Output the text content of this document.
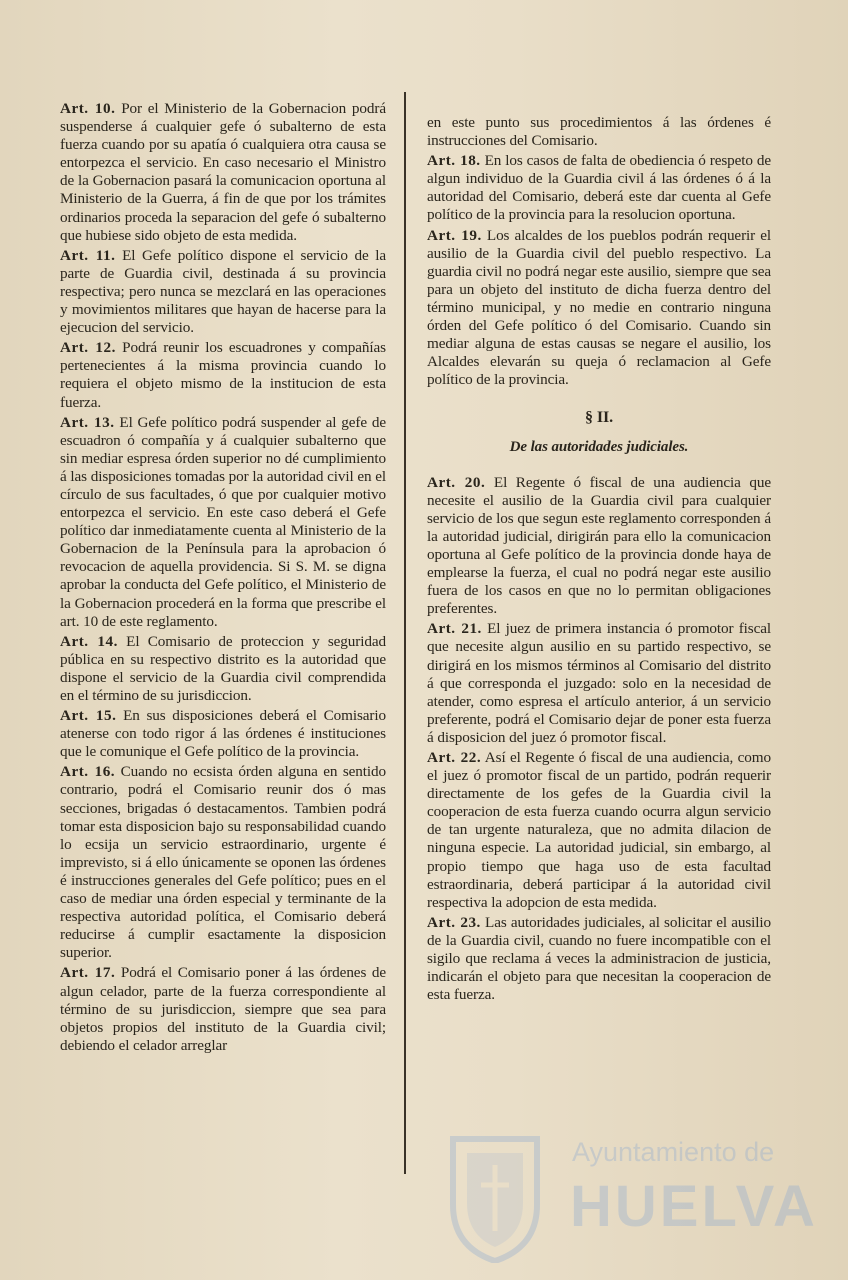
Art. 10. Por el Ministerio de la Gobernacion podrá suspenderse á cualquier gefe ó subalterno de esta fuerza cuando por su apatía ó cualquiera otra causa se entorpezca el servicio. En caso necesario el Ministro de la Gobernacion pasará la comunicacion oportuna al Ministerio de la Guerra, á fin de que por los trámites ordinarios proceda la separacion del gefe ó subalterno que hubiese sido objeto de esta medida.

Art. 11. El Gefe político dispone el servicio de la parte de Guardia civil, destinada á su provincia respectiva; pero nunca se mezclará en las operaciones y movimientos militares que hayan de hacerse para la ejecucion del servicio.

Art. 12. Podrá reunir los escuadrones y compañías pertenecientes á la misma provincia cuando lo requiera el objeto mismo de la institucion de esta fuerza.

Art. 13. El Gefe político podrá suspender al gefe de escuadron ó compañía y á cualquier subalterno que sin mediar espresa órden superior no dé cumplimiento á las disposiciones tomadas por la autoridad civil en el círculo de sus facultades, ó que por cualquier motivo entorpezca el servicio. En este caso deberá el Gefe político dar inmediatamente cuenta al Ministerio de la Gobernacion de la Península para la aprobacion ó revocacion de aquella providencia. Si S. M. se digna aprobar la conducta del Gefe político, el Ministerio de la Gobernacion procederá en la forma que prescribe el art. 10 de este reglamento.

Art. 14. El Comisario de proteccion y seguridad pública en su respectivo distrito es la autoridad que dispone el servicio de la Guardia civil comprendida en el término de su jurisdiccion.

Art. 15. En sus disposiciones deberá el Comisario atenerse con todo rigor á las órdenes é instituciones que le comunique el Gefe político de la provincia.

Art. 16. Cuando no ecsista órden alguna en sentido contrario, podrá el Comisario reunir dos ó mas secciones, brigadas ó destacamentos. Tambien podrá tomar esta disposicion bajo su responsabilidad cuando lo ecsija un servicio estraordinario, urgente é imprevisto, si á ello únicamente se oponen las órdenes é instrucciones generales del Gefe político; pues en el caso de mediar una órden especial y terminante de la respectiva autoridad política, el Comisario deberá reducirse á cumplir esactamente la disposicion superior.

Art. 17. Podrá el Comisario poner á las órdenes de algun celador, parte de la fuerza correspondiente al término de su jurisdiccion, siempre que sea para objetos propios del instituto de la Guardia civil; debiendo el celador arreglar

en este punto sus procedimientos á las órdenes é instrucciones del Comisario.

Art. 18. En los casos de falta de obediencia ó respeto de algun individuo de la Guardia civil á las órdenes ó á la autoridad del Comisario, deberá este dar cuenta al Gefe político de la provincia para la resolucion oportuna.

Art. 19. Los alcaldes de los pueblos podrán requerir el ausilio de la Guardia civil del pueblo respectivo. La guardia civil no podrá negar este ausilio, siempre que sea para un objeto del instituto de dicha fuerza dentro del término municipal, y no medie en contrario ninguna órden del Gefe político ó del Comisario. Cuando sin mediar alguna de estas causas se negare el ausilio, los Alcaldes elevarán su queja ó reclamacion al Gefe político de la provincia.

§ II.
De las autoridades judiciales.

Art. 20. El Regente ó fiscal de una audiencia que necesite el ausilio de la Guardia civil para cualquier servicio de los que segun este reglamento corresponden á la autoridad judicial, dirigirán para ello la comunicacion oportuna al Gefe político de la provincia donde haya de emplearse la fuerza, el cual no podrá negar este ausilio fuera de los casos en que no lo permitan obligaciones preferentes.

Art. 21. El juez de primera instancia ó promotor fiscal que necesite algun ausilio en su partido respectivo, se dirigirá en los mismos términos al Comisario del distrito á que corresponda el juzgado: solo en la necesidad de atender, como espresa el artículo anterior, á un servicio preferente, podrá el Comisario dejar de poner esta fuerza á disposicion del juez ó promotor fiscal.

Art. 22. Así el Regente ó fiscal de una audiencia, como el juez ó promotor fiscal de un partido, podrán requerir directamente de los gefes de la Guardia civil la cooperacion de esta fuerza cuando ocurra algun servicio de tan urgente naturaleza, que no admita dilacion de ninguna especie. La autoridad judicial, sin embargo, al propio tiempo que haga uso de esta facultad estraordinaria, deberá participar á la autoridad civil respectiva la adopcion de esta medida.

Art. 23. Las autoridades judiciales, al solicitar el ausilio de la Guardia civil, cuando no fuere incompatible con el sigilo que reclama á veces la administracion de justicia, indicarán el objeto para que necesitan la cooperacion de esta fuerza.

Ayuntamiento de
HUELVA
